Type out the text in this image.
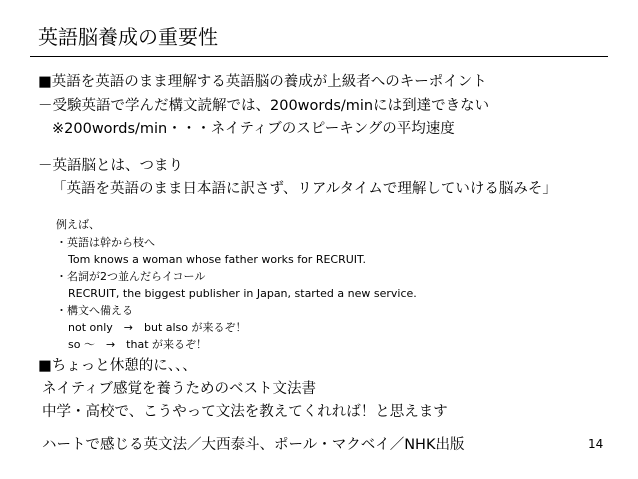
英語脳養成の重要性
■英語を英語のまま理解する英語脳の養成が上級者へのキーポイント
－受験英語で学んだ構文読解では、200words/minには到達できない
※200words/min・・・ネイティブのスピーキングの平均速度
－英語脳とは、つまり
「英語を英語のまま日本語に訳さず、リアルタイムで理解していける脳みそ」
例えば、
・英語は幹から枝へ
Tom knows a woman whose father works for RECRUIT.
・名詞が2つ並んだらイコール
RECRUIT, the biggest publisher in Japan, started a new service.
・構文へ備える
not only　→　but also が来るぞ！
so 〜　→　that が来るぞ！
■ちょっと休憩的に、、、
ネイティブ感覚を養うためのベスト文法書
中学・高校で、こうやって文法を教えてくれれば！と思えます
ハートで感じる英文法／大西泰斗、ポール・マクベイ／NHK出版	14
